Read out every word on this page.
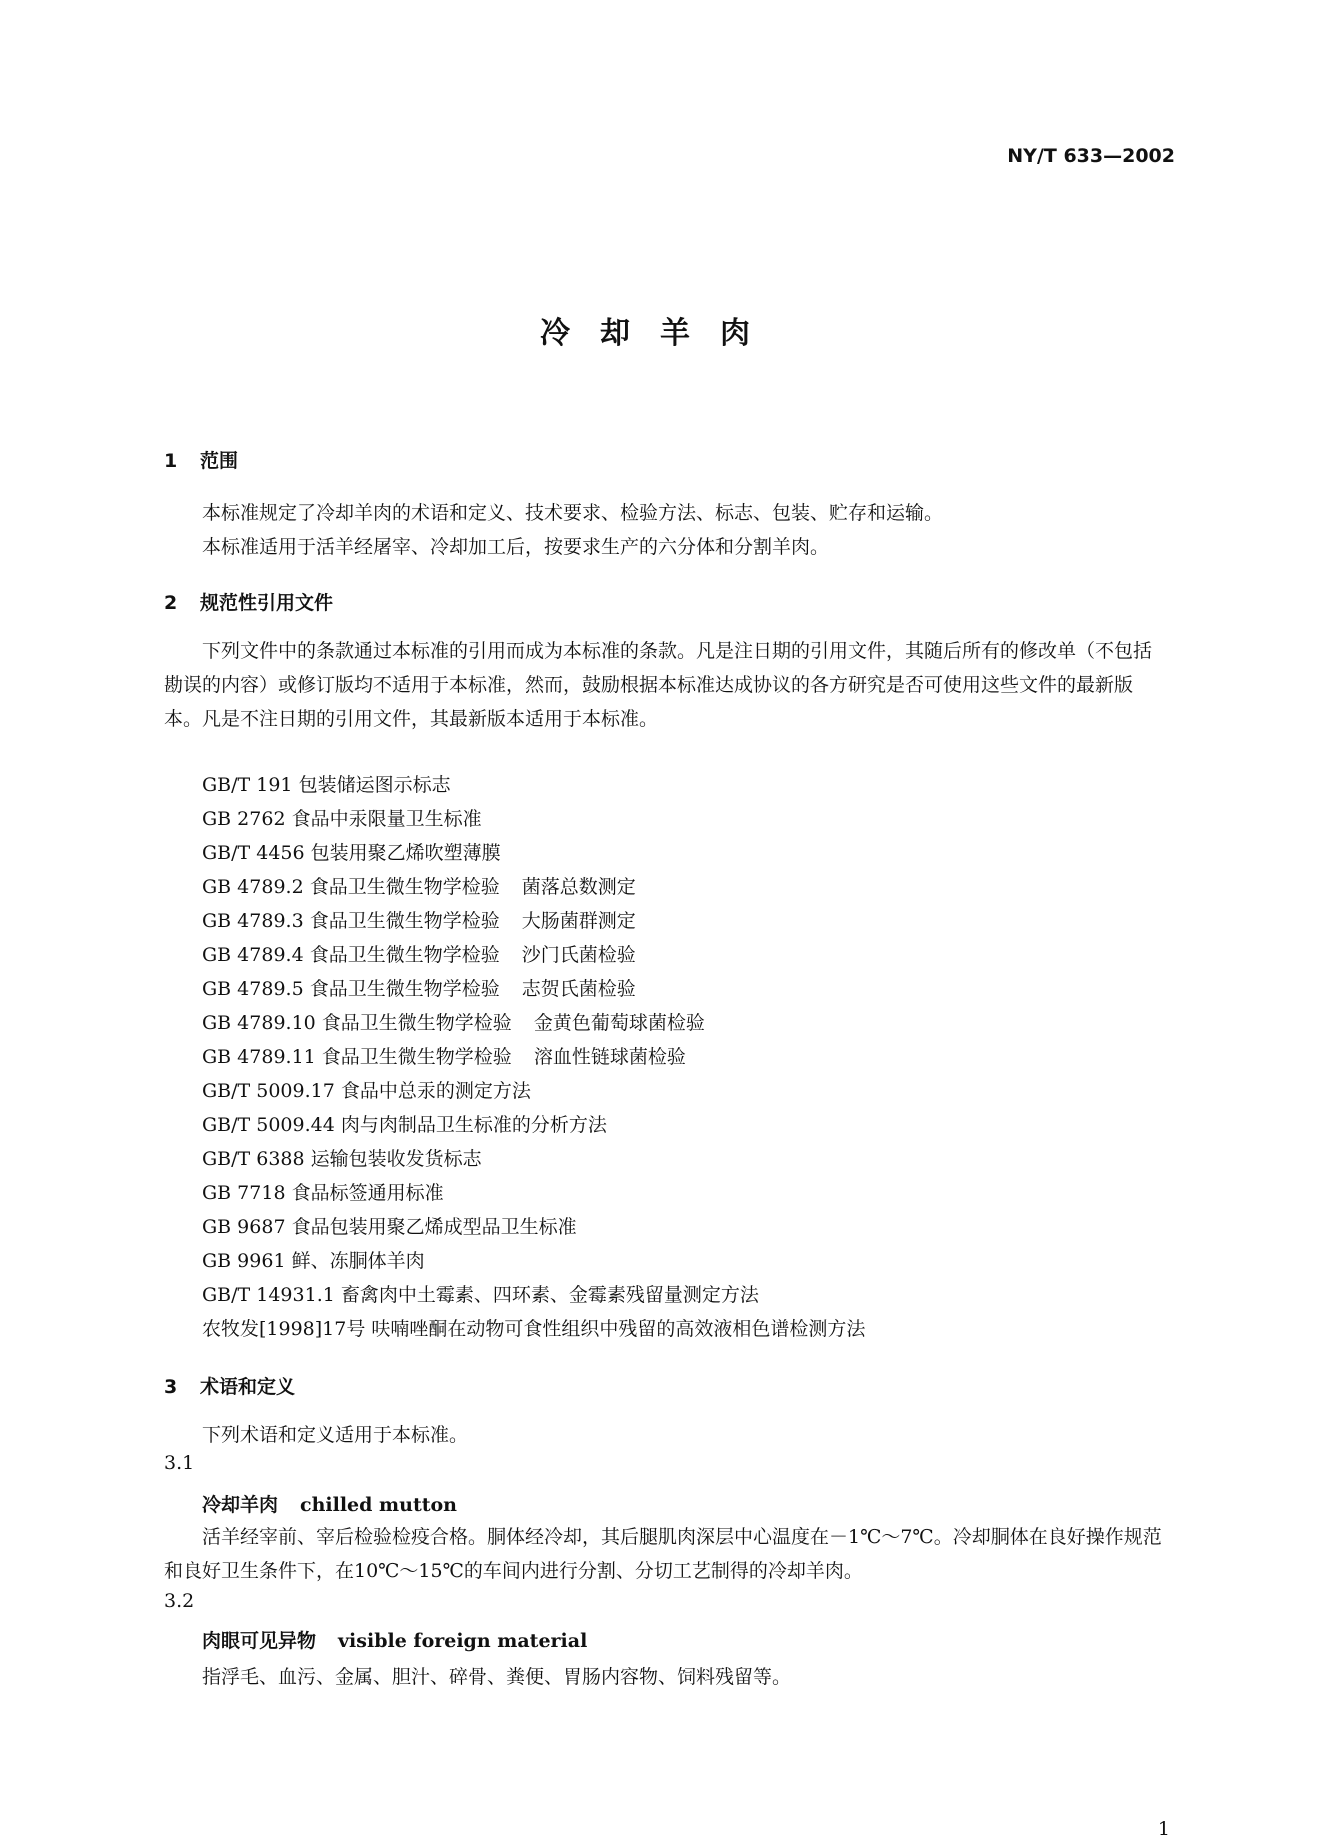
NY/T 633—2002
冷却羊肉
1 范围
本标准规定了冷却羊肉的术语和定义、技术要求、检验方法、标志、包装、贮存和运输。
本标准适用于活羊经屠宰、冷却加工后，按要求生产的六分体和分割羊肉。
2 规范性引用文件
下列文件中的条款通过本标准的引用而成为本标准的条款。凡是注日期的引用文件，其随后所有的修改单（不包括勘误的内容）或修订版均不适用于本标准，然而，鼓励根据本标准达成协议的各方研究是否可使用这些文件的最新版本。凡是不注日期的引用文件，其最新版本适用于本标准。
GB/T 191 包装储运图示标志
GB 2762 食品中汞限量卫生标准
GB/T 4456 包装用聚乙烯吹塑薄膜
GB 4789.2 食品卫生微生物学检验 菌落总数测定
GB 4789.3 食品卫生微生物学检验 大肠菌群测定
GB 4789.4 食品卫生微生物学检验 沙门氏菌检验
GB 4789.5 食品卫生微生物学检验 志贺氏菌检验
GB 4789.10 食品卫生微生物学检验 金黄色葡萄球菌检验
GB 4789.11 食品卫生微生物学检验 溶血性链球菌检验
GB/T 5009.17 食品中总汞的测定方法
GB/T 5009.44 肉与肉制品卫生标准的分析方法
GB/T 6388 运输包装收发货标志
GB 7718 食品标签通用标准
GB 9687 食品包装用聚乙烯成型品卫生标准
GB 9961 鲜、冻胴体羊肉
GB/T 14931.1 畜禽肉中土霉素、四环素、金霉素残留量测定方法
农牧发[1998]17号 呋喃唑酮在动物可食性组织中残留的高效液相色谱检测方法
3 术语和定义
下列术语和定义适用于本标准。
3.1
冷却羊肉 chilled mutton
活羊经宰前、宰后检验检疫合格。胴体经冷却，其后腿肌肉深层中心温度在－1℃～7℃。冷却胴体在良好操作规范和良好卫生条件下，在10℃～15℃的车间内进行分割、分切工艺制得的冷却羊肉。
3.2
肉眼可见异物 visible foreign material
指浮毛、血污、金属、胆汁、碎骨、粪便、胃肠内容物、饲料残留等。
1
